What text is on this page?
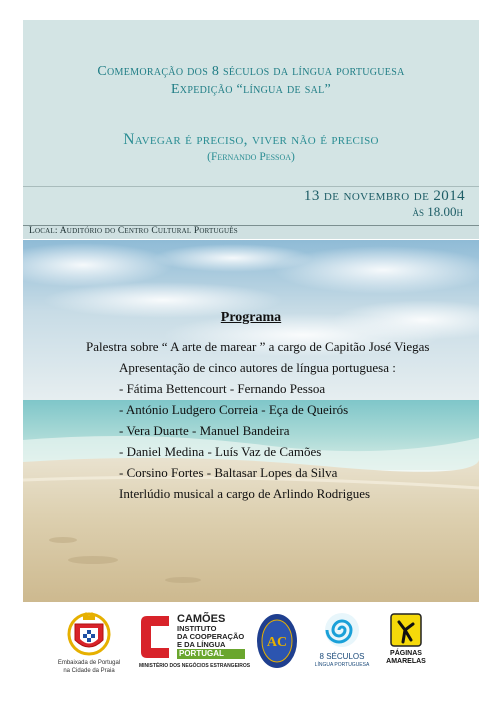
Comemoração dos 8 séculos da língua portuguesa
Expedição “língua de sal”
Navegar é preciso, viver não é preciso
(Fernando Pessoa)
13 de novembro de 2014
às 18.00h
Local: Auditório do Centro Cultural Português
Programa
Palestra sobre “ A arte de marear ” a cargo de Capitão José Viegas
Apresentação de cinco autores de língua portuguesa :
- Fátima Bettencourt - Fernando Pessoa
- António Ludgero Correia - Eça de Queirós
- Vera Duarte - Manuel Bandeira
- Daniel Medina - Luís Vaz de Camões
- Corsino Fortes - Baltasar Lopes da Silva
Interlúdio musical a cargo de Arlindo Rodrigues
Embaixada de Portugal
na Cidade da Praia
CAMÕES
INSTITUTO
DA COOPERAÇÃO
E DA LÍNGUA
PORTUGAL
MINISTÉRIO DOS NEGÓCIOS ESTRANGEIROS
AC
8 SÉCULOS
LÍNGUA PORTUGUESA
PÁGINAS
AMARELAS
